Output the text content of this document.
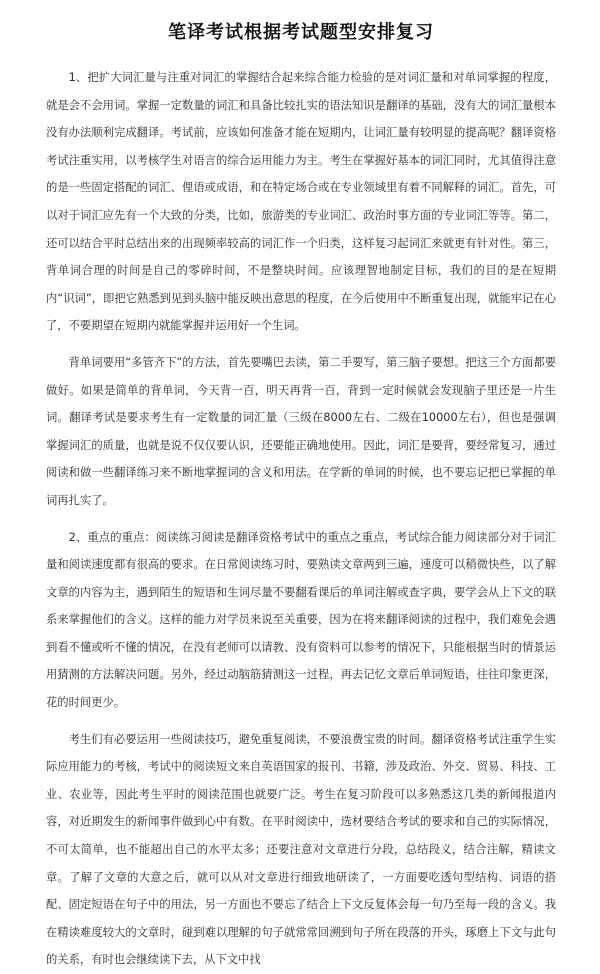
笔译考试根据考试题型安排复习

1、把扩大词汇量与注重对词汇的掌握结合起来综合能力检验的是对词汇量和对单词掌握的程度，就是会不会用词。掌握一定数量的词汇和具备比较扎实的语法知识是翻译的基础，没有大的词汇量根本没有办法顺利完成翻译。考试前，应该如何准备才能在短期内，让词汇量有较明显的提高呢？翻译资格考试注重实用，以考核学生对语言的综合运用能力为主。考生在掌握好基本的词汇同时，尤其值得注意的是一些固定搭配的词汇、俚语或成语，和在特定场合或在专业领域里有着不同解释的词汇。首先，可以对于词汇应先有一个大致的分类，比如，旅游类的专业词汇、政治时事方面的专业词汇等等。第二，还可以结合平时总结出来的出现频率较高的词汇作一个归类，这样复习起词汇来就更有针对性。第三，背单词合理的时间是自己的零碎时间，不是整块时间。应该理智地制定目标，我们的目的是在短期内“识词”，即把它熟悉到见到头脑中能反映出意思的程度，在今后使用中不断重复出现，就能牢记在心了，不要期望在短期内就能掌握并运用好一个生词。

背单词要用“多管齐下”的方法，首先要嘴巴去读，第二手要写，第三脑子要想。把这三个方面都要做好。如果是简单的背单词，今天背一百，明天再背一百，背到一定时候就会发现脑子里还是一片生词。翻译考试是要求考生有一定数量的词汇量（三级在8000左右、二级在10000左右），但也是强调掌握词汇的质量，也就是说不仅仅要认识，还要能正确地使用。因此，词汇是要背，要经常复习，通过阅读和做一些翻译练习来不断地掌握词的含义和用法。在学新的单词的时候，也不要忘记把已掌握的单词再扎实了。

2、重点的重点：阅读练习阅读是翻译资格考试中的重点之重点，考试综合能力阅读部分对于词汇量和阅读速度都有很高的要求。在日常阅读练习时，要熟读文章两到三遍，速度可以稍微快些，以了解文章的内容为主，遇到陌生的短语和生词尽量不要翻看课后的单词注解或查字典，要学会从上下文的联系来掌握他们的含义。这样的能力对学员来说至关重要，因为在将来翻译阅读的过程中，我们难免会遇到看不懂或听不懂的情况，在没有老师可以请教、没有资料可以参考的情况下，只能根据当时的情景运用猜测的方法解决问题。另外，经过动脑筋猜测这一过程，再去记忆文章后单词短语，往往印象更深，花的时间更少。

考生们有必要运用一些阅读技巧，避免重复阅读，不要浪费宝贵的时间。翻译资格考试注重学生实际应用能力的考核，考试中的阅读短文来自英语国家的报刊、书籍，涉及政治、外交、贸易、科技、工业、农业等，因此考生平时的阅读范围也就要广泛。考生在复习阶段可以多熟悉这几类的新闻报道内容，对近期发生的新闻事件做到心中有数。在平时阅读中，选材要结合考试的要求和自己的实际情况，不可太简单，也不能超出自己的水平太多；还要注意对文章进行分段，总结段义，结合注解，精读文章。了解了文章的大意之后，就可以从对文章进行细致地研读了，一方面要吃透句型结构、词语的搭配、固定短语在句子中的用法，另一方面也不要忘了结合上下文反复体会每一句乃至每一段的含义。我在精读难度较大的文章时，碰到难以理解的句子就常常回溯到句子所在段落的开头，琢磨上下文与此句的关系，有时也会继续读下去，从下文中找
